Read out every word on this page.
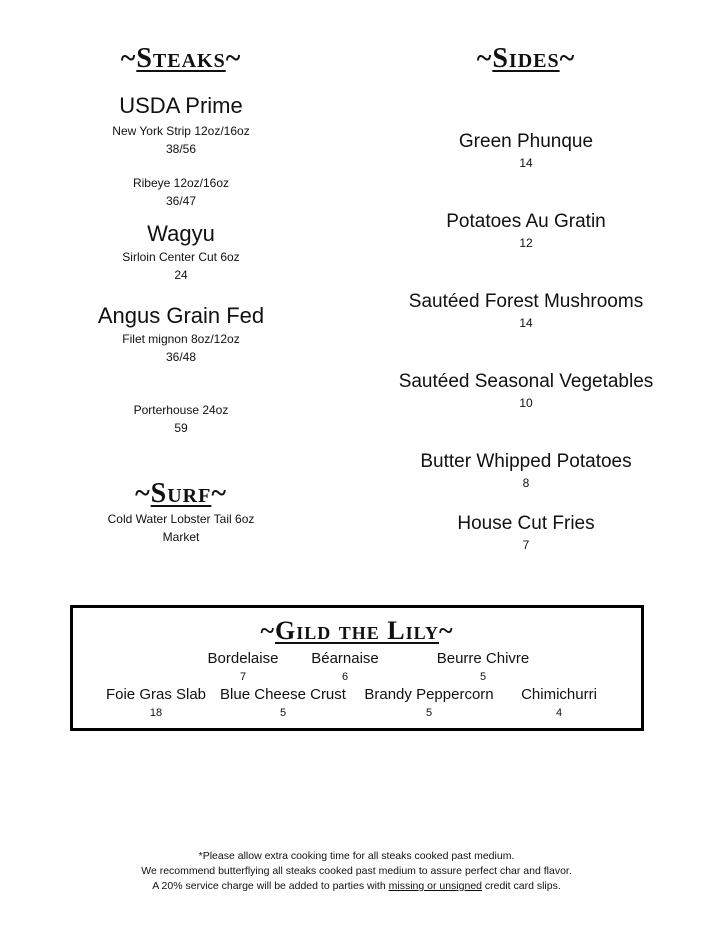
~Steaks~
USDA Prime
New York Strip 12oz/16oz
38/56
Ribeye 12oz/16oz
36/47
Wagyu
Sirloin Center Cut 6oz
24
Angus Grain Fed
Filet mignon 8oz/12oz
36/48
Porterhouse 24oz
59
~Surf~
Cold Water Lobster Tail 6oz
Market
~Sides~
Green Phunque
14
Potatoes Au Gratin
12
Sautéed Forest Mushrooms
14
Sautéed Seasonal Vegetables
10
Butter Whipped Potatoes
8
House Cut Fries
7
~Gild the Lily~
Bordelaise
7
Béarnaise
6
Beurre Chivre
5
Foie Gras Slab
18
Blue Cheese Crust
5
Brandy Peppercorn
5
Chimichurri
4
*Please allow extra cooking time for all steaks cooked past medium.
We recommend butterflying all steaks cooked past medium to assure perfect char and flavor.
A 20% service charge will be added to parties with missing or unsigned credit card slips.
